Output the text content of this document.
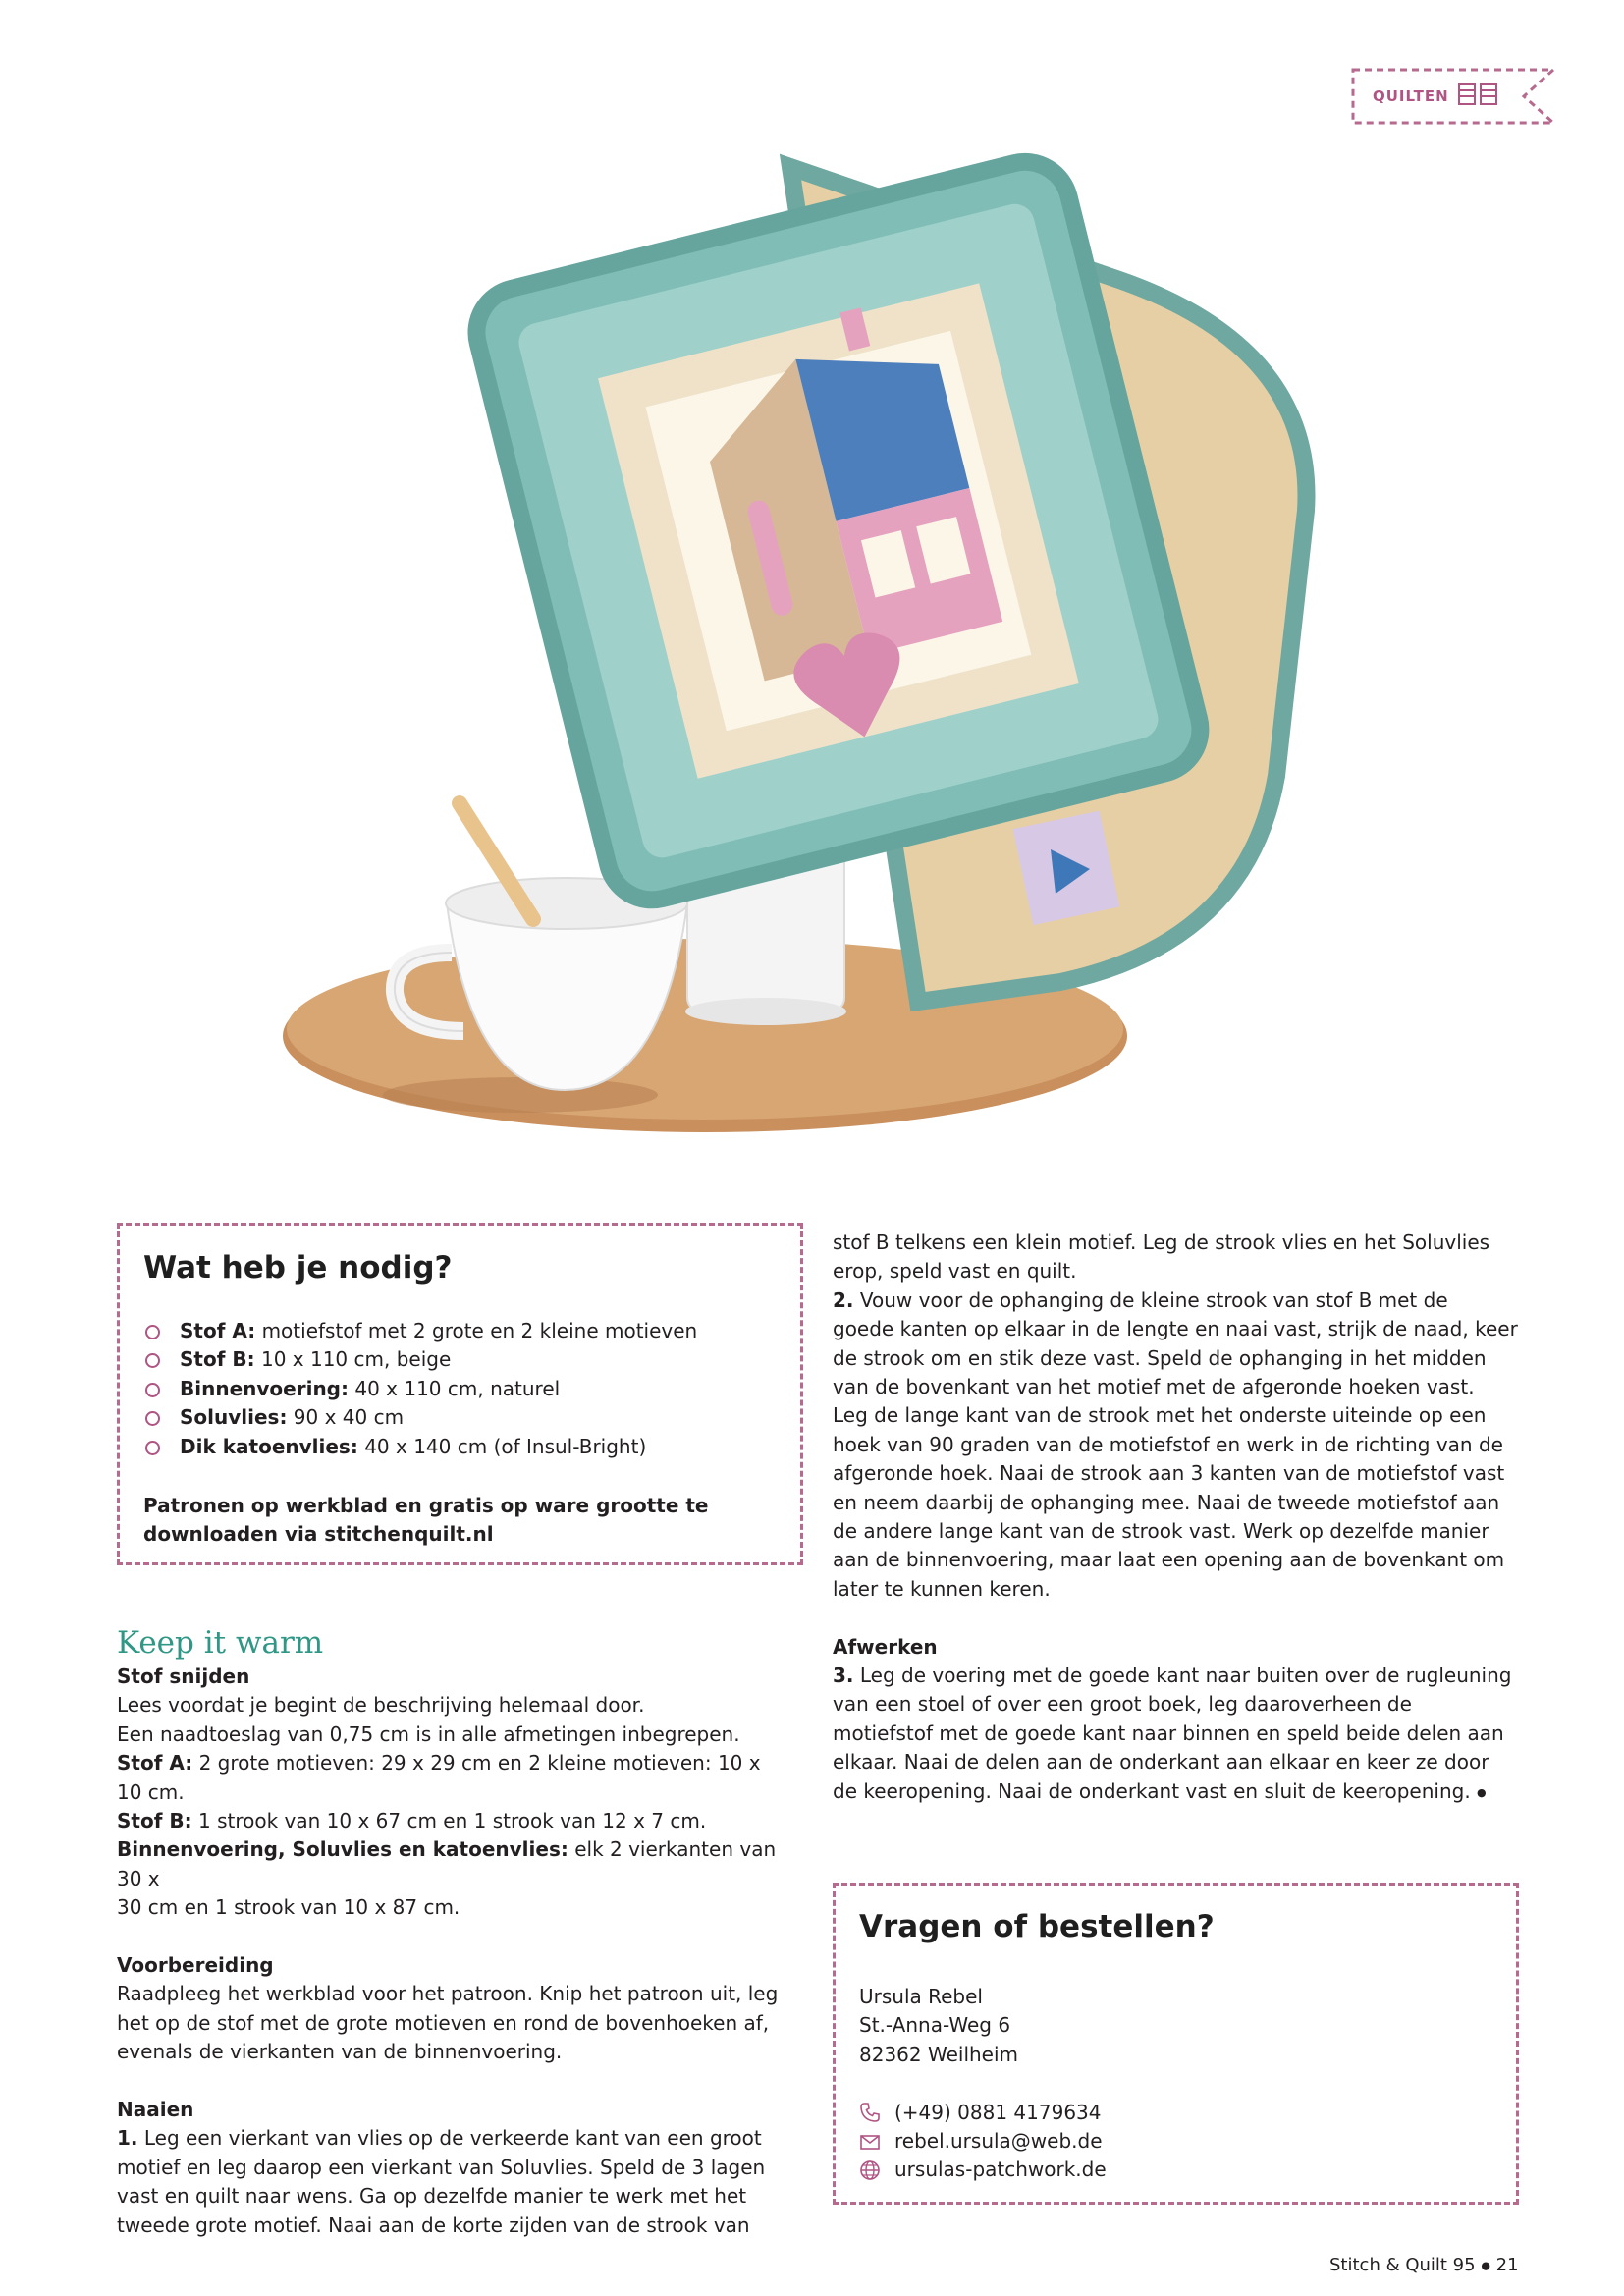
QUILTEN
Wat heb je nodig?
Stof A: motiefstof met 2 grote en 2 kleine motieven
Stof B: 10 x 110 cm, beige
Binnenvoering: 40 x 110 cm, naturel
Soluvlies: 90 x 40 cm
Dik katoenvlies: 40 x 140 cm (of Insul-Bright)
Patronen op werkblad en gratis op ware grootte te
downloaden via stitchenquilt.nl

Keep it warm

Stof snijden

Lees voordat je begint de beschrijving helemaal door.

Een naadtoeslag van 0,75 cm is in alle afmetingen inbegrepen.

Stof A: 2 grote motieven: 29 x 29 cm en 2 kleine motieven: 10 x

10 cm.

Stof B: 1 strook van 10 x 67 cm en 1 strook van 12 x 7 cm.

Binnenvoering, Soluvlies en katoenvlies: elk 2 vierkanten van 30 x

30 cm en 1 strook van 10 x 87 cm.

Voorbereiding

Raadpleeg het werkblad voor het patroon. Knip het patroon uit, leg

het op de stof met de grote motieven en rond de bovenhoeken af,

evenals de vierkanten van de binnenvoering.

Naaien

1. Leg een vierkant van vlies op de verkeerde kant van een groot

motief en leg daarop een vierkant van Soluvlies. Speld de 3 lagen

vast en quilt naar wens. Ga op dezelfde manier te werk met het

tweede grote motief. Naai aan de korte zijden van de strook van

stof B telkens een klein motief. Leg de strook vlies en het Soluvlies

erop, speld vast en quilt.

2. Vouw voor de ophanging de kleine strook van stof B met de

goede kanten op elkaar in de lengte en naai vast, strijk de naad, keer

de strook om en stik deze vast. Speld de ophanging in het midden

van de bovenkant van het motief met de afgeronde hoeken vast.

Leg de lange kant van de strook met het onderste uiteinde op een

hoek van 90 graden van de motiefstof en werk in de richting van de

afgeronde hoek. Naai de strook aan 3 kanten van de motiefstof vast

en neem daarbij de ophanging mee. Naai de tweede motiefstof aan

de andere lange kant van de strook vast. Werk op dezelfde manier

aan de binnenvoering, maar laat een opening aan de bovenkant om

later te kunnen keren.

Afwerken

3. Leg de voering met de goede kant naar buiten over de rugleuning

van een stoel of over een groot boek, leg daaroverheen de

motiefstof met de goede kant naar binnen en speld beide delen aan

elkaar. Naai de delen aan de onderkant aan elkaar en keer ze door

de keeropening. Naai de onderkant vast en sluit de keeropening. ●

Vragen of bestellen?

Ursula Rebel

St.-Anna-Weg 6

82362 Weilheim

(+49) 0881 4179634
rebel.ursula@web.de
ursulas-patchwork.de
Stitch & Quilt 95 ● 21
